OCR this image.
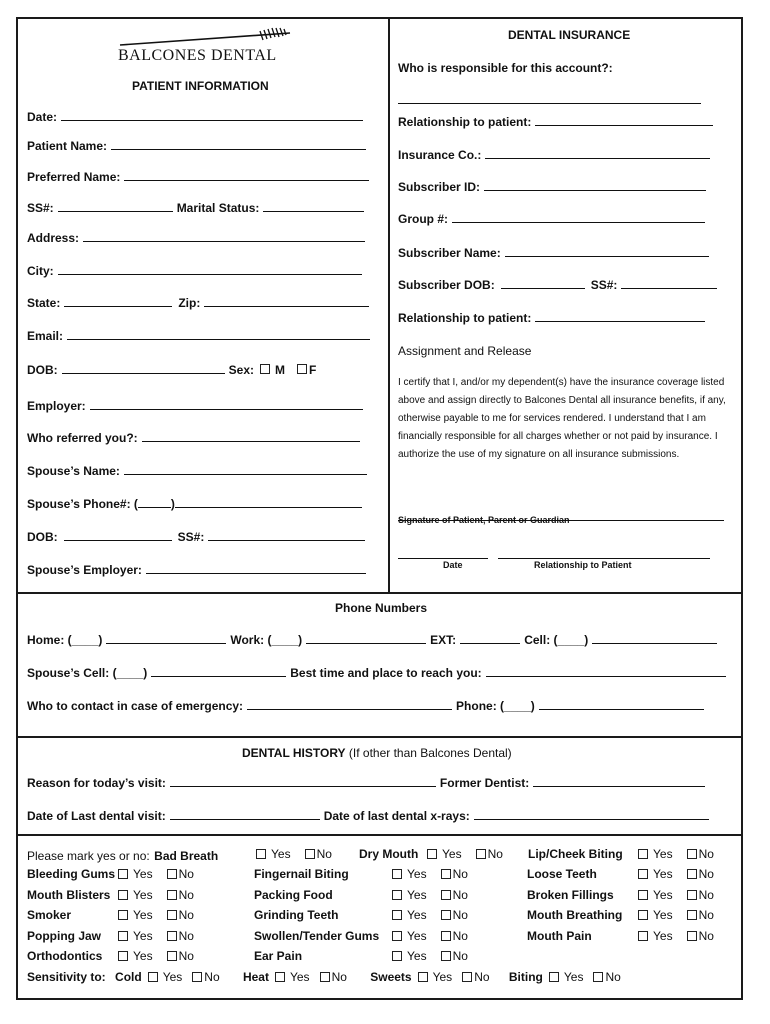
BALCONES DENTAL
PATIENT INFORMATION
Date:
Patient Name:
Preferred Name:
SS#:	Marital Status:
Address:
City:
State:	Zip:
Email:
DOB:	Sex: M F
Employer:
Who referred you?:
Spouse’s Name:
Spouse’s Phone#: (	)
DOB:	SS#:
Spouse’s Employer:
DENTAL INSURANCE
Who is responsible for this account?:
Relationship to patient:
Insurance Co.:
Subscriber ID:
Group #:
Subscriber Name:
Subscriber DOB:	SS#:
Relationship to patient:
Assignment and Release
I certify that I, and/or my dependent(s) have the insurance coverage listed above and assign directly to Balcones Dental all insurance benefits, if any, otherwise payable to me for services rendered. I understand that I am financially responsible for all charges whether or not paid by insurance. I authorize the use of my signature on all insurance submissions.
Signature of Patient, Parent or Guardian

Date	Relationship to Patient
Phone Numbers
Home: (____)	Work: (____)	EXT:	Cell: (____)
Spouse’s Cell: (____)	Best time and place to reach you:
Who to contact in case of emergency:	Phone: (____)
DENTAL HISTORY (If other than Balcones Dental)
Reason for today’s visit:	Former Dentist:
Date of Last dental visit:	Date of last dental x-rays:
Please mark yes or no: Bad Breath	Yes No Dry Mouth	Yes No Lip/Cheek Biting	Yes No
Bleeding Gums	Yes No	Fingernail Biting	Yes No	Loose Teeth	Yes No
Mouth Blisters	Yes No	Packing Food	Yes No	Broken Fillings	Yes No
Smoker	Yes No	Grinding Teeth	Yes No	Mouth Breathing	Yes No
Popping Jaw	Yes No	Swollen/Tender Gums	Yes No	Mouth Pain	Yes No
Orthodontics	Yes No	Ear Pain	Yes No
Sensitivity to: Cold Yes No Heat Yes No Sweets Yes No Biting Yes No
